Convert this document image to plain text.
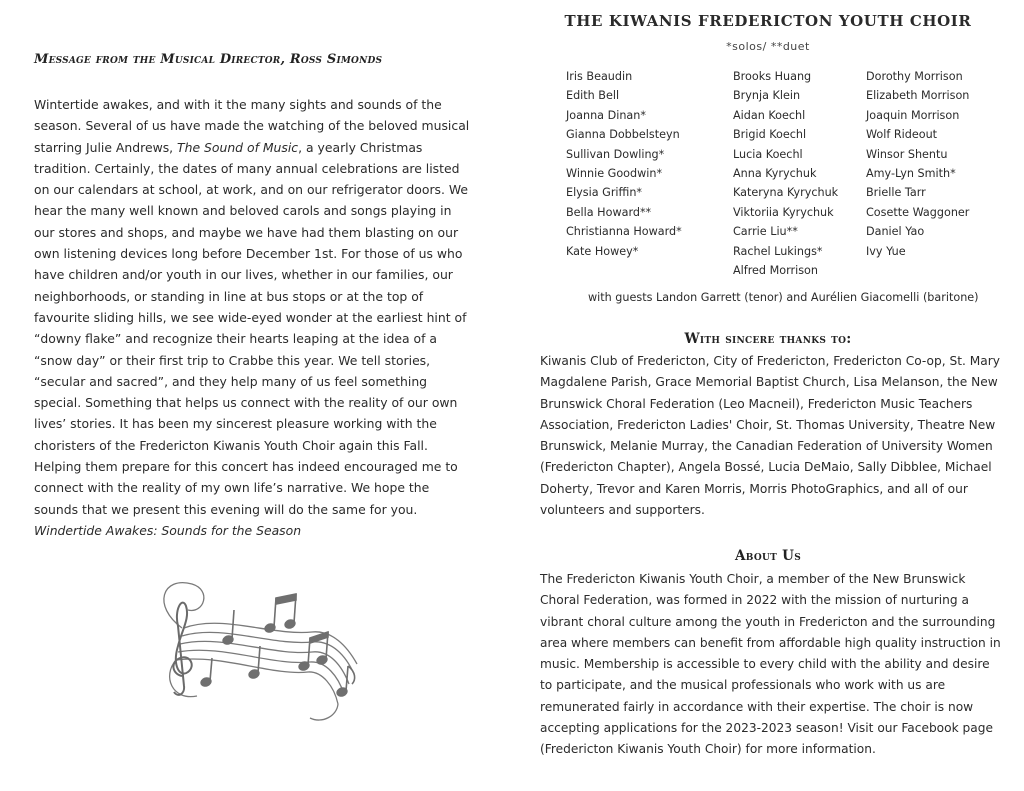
Message from the Musical Director, Ross Simonds
Wintertide awakes, and with it the many sights and sounds of the season. Several of us have made the watching of the beloved musical starring Julie Andrews, The Sound of Music, a yearly Christmas tradition. Certainly, the dates of many annual celebrations are listed on our calendars at school, at work, and on our refrigerator doors. We hear the many well known and beloved carols and songs playing in our stores and shops, and maybe we have had them blasting on our own listening devices long before December 1st. For those of us who have children and/or youth in our lives, whether in our families, our neighborhoods, or standing in line at bus stops or at the top of favourite sliding hills, we see wide-eyed wonder at the earliest hint of “downy flake” and recognize their hearts leaping at the idea of a “snow day” or their first trip to Crabbe this year. We tell stories, “secular and sacred”, and they help many of us feel something special. Something that helps us connect with the reality of our own lives’ stories. It has been my sincerest pleasure working with the choristers of the Fredericton Kiwanis Youth Choir again this Fall. Helping them prepare for this concert has indeed encouraged me to connect with the reality of my own life’s narrative. We hope the sounds that we present this evening will do the same for you.
Windertide Awakes: Sounds for the Season
THE KIWANIS FREDERICTON YOUTH CHOIR
*solos/ **duet
Iris Beaudin
Edith Bell
Joanna Dinan*
Gianna Dobbelsteyn
Sullivan Dowling*
Winnie Goodwin*
Elysia Griffin*
Bella Howard**
Christianna Howard*
Kate Howey*
Brooks Huang
Brynja Klein
Aidan Koechl
Brigid Koechl
Lucia Koechl
Anna Kyrychuk
Kateryna Kyrychuk
Viktoriia Kyrychuk
Carrie Liu**
Rachel Lukings*
Alfred Morrison
Dorothy Morrison
Elizabeth Morrison
Joaquin Morrison
Wolf Rideout
Winsor Shentu
Amy-Lyn Smith*
Brielle Tarr
Cosette Waggoner
Daniel Yao
Ivy Yue
with guests Landon Garrett (tenor) and Aurélien Giacomelli (baritone)
With sincere thanks to:
Kiwanis Club of Fredericton, City of Fredericton, Fredericton Co-op, St. Mary Magdalene Parish, Grace Memorial Baptist Church, Lisa Melanson, the New Brunswick Choral Federation (Leo Macneil), Fredericton Music Teachers Association, Fredericton Ladies' Choir, St. Thomas University, Theatre New Brunswick, Melanie Murray, the Canadian Federation of University Women (Fredericton Chapter), Angela Bossé, Lucia DeMaio, Sally Dibblee, Michael Doherty, Trevor and Karen Morris, Morris PhotoGraphics, and all of our volunteers and supporters.
About Us
The Fredericton Kiwanis Youth Choir, a member of the New Brunswick Choral Federation, was formed in 2022 with the mission of nurturing a vibrant choral culture among the youth in Fredericton and the surrounding area where members can benefit from affordable high quality instruction in music. Membership is accessible to every child with the ability and desire to participate, and the musical professionals who work with us are remunerated fairly in accordance with their expertise. The choir is now accepting applications for the 2023-2023 season! Visit our Facebook page (Fredericton Kiwanis Youth Choir) for more information.
